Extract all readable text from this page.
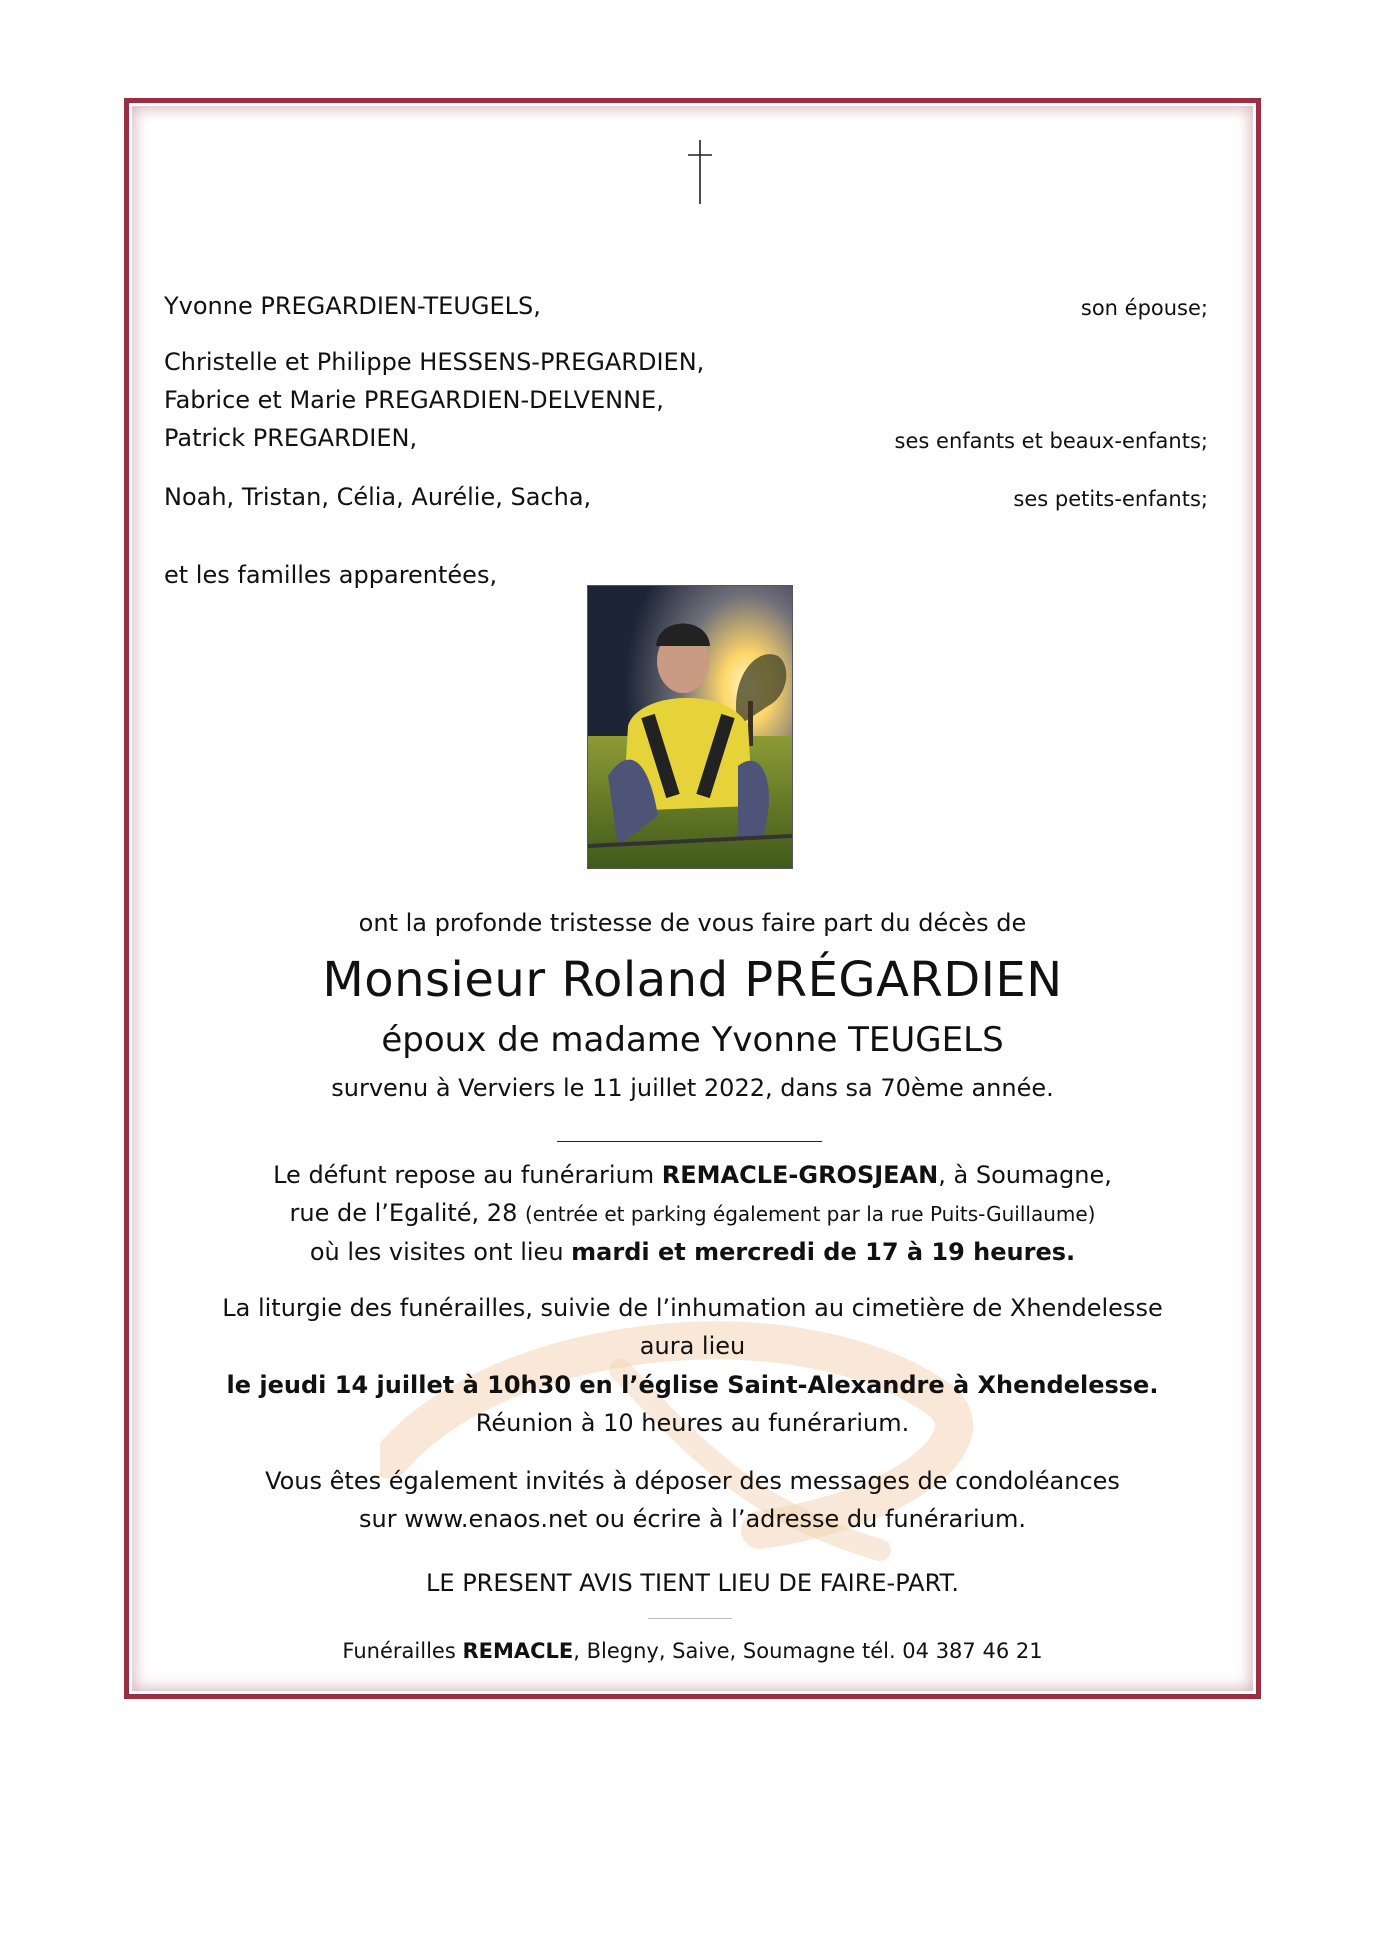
Yvonne PREGARDIEN-TEUGELS,	son épouse;
Christelle et Philippe HESSENS-PREGARDIEN,
Fabrice et Marie PREGARDIEN-DELVENNE,
Patrick PREGARDIEN,	ses enfants et beaux-enfants;
Noah, Tristan, Célia, Aurélie, Sacha,	ses petits-enfants;
et les familles apparentées,
ont la profonde tristesse de vous faire part du décès de
Monsieur Roland PRÉGARDIEN
époux de madame Yvonne TEUGELS
survenu à Verviers le 11 juillet 2022, dans sa 70ème année.
Le défunt repose au funérarium REMACLE-GROSJEAN, à Soumagne,
rue de l’Egalité, 28 (entrée et parking également par la rue Puits-Guillaume)
où les visites ont lieu mardi et mercredi de 17 à 19 heures.
La liturgie des funérailles, suivie de l’inhumation au cimetière de Xhendelesse
aura lieu
le jeudi 14 juillet à 10h30 en l’église Saint-Alexandre à Xhendelesse.
Réunion à 10 heures au funérarium.
Vous êtes également invités à déposer des messages de condoléances
sur www.enaos.net ou écrire à l’adresse du funérarium.
LE PRESENT AVIS TIENT LIEU DE FAIRE-PART.
Funérailles REMACLE, Blegny, Saive, Soumagne tél. 04 387 46 21
